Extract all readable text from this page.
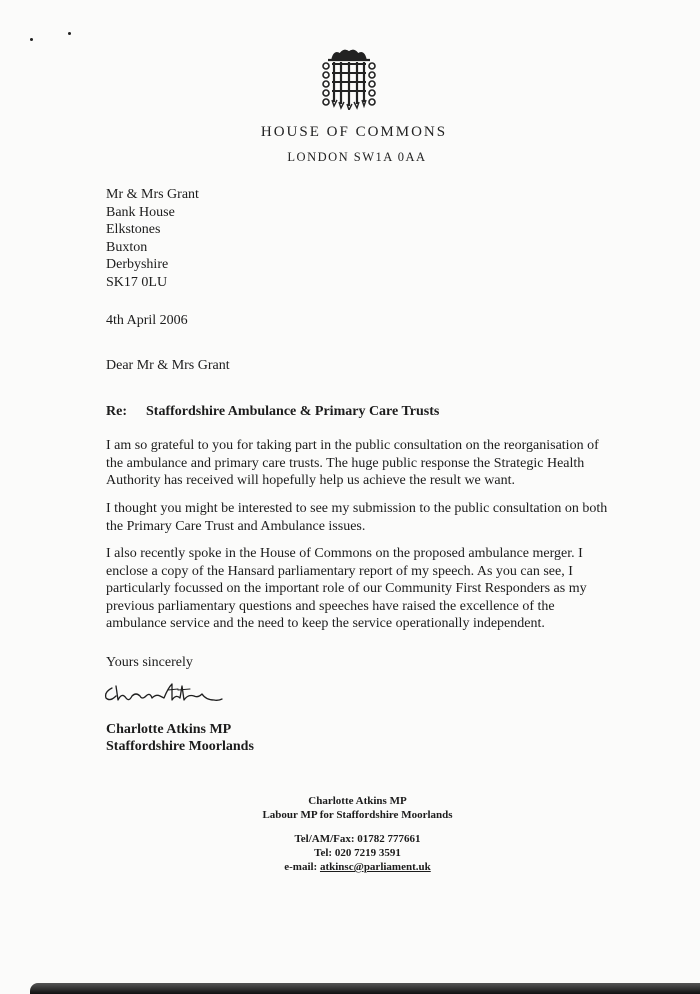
HOUSE OF COMMONS
LONDON SW1A 0AA
Mr & Mrs Grant
Bank House
Elkstones
Buxton
Derbyshire
SK17 0LU
4th April 2006
Dear Mr & Mrs Grant
Re: Staffordshire Ambulance & Primary Care Trusts
I am so grateful to you for taking part in the public consultation on the reorganisation of the ambulance and primary care trusts. The huge public response the Strategic Health Authority has received will hopefully help us achieve the result we want.
I thought you might be interested to see my submission to the public consultation on both the Primary Care Trust and Ambulance issues.
I also recently spoke in the House of Commons on the proposed ambulance merger. I enclose a copy of the Hansard parliamentary report of my speech. As you can see, I particularly focussed on the important role of our Community First Responders as my previous parliamentary questions and speeches have raised the excellence of the ambulance service and the need to keep the service operationally independent.
Yours sincerely
Charlotte Atkins MP
Staffordshire Moorlands
Charlotte Atkins MP
Labour MP for Staffordshire Moorlands
Tel/AM/Fax: 01782 777661
Tel: 020 7219 3591
e-mail: atkinsc@parliament.uk
